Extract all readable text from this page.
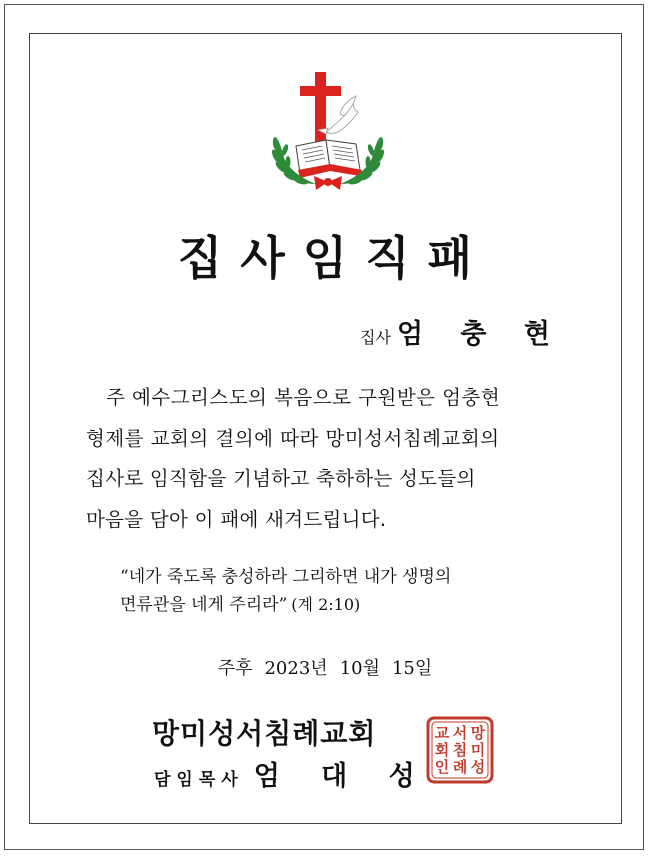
집사임직패
집사 엄 충 현
주 예수그리스도의 복음으로 구원받은 엄충현
형제를 교회의 결의에 따라 망미성서침례교회의
집사로 임직함을 기념하고 축하하는 성도들의
마음을 담아 이 패에 새겨드립니다.
“네가 죽도록 충성하라 그리하면 내가 생명의
면류관을 네게 주리라” (계 2:10)
주후 2023년 10월 15일
망미성서침례교회
담임목사 엄 대 성
망
미
성
서
침
례
교
회
인
